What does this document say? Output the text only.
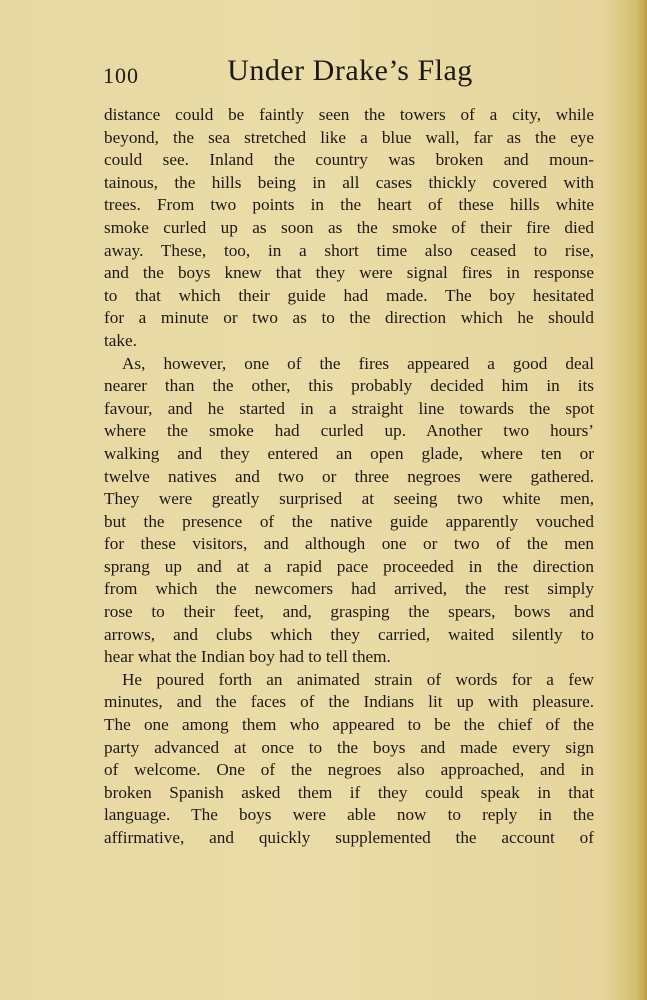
100	Under Drake’s Flag
distance could be faintly seen the towers of a city, while
beyond, the sea stretched like a blue wall, far as the eye
could see. Inland the country was broken and moun-
tainous, the hills being in all cases thickly covered with
trees. From two points in the heart of these hills white
smoke curled up as soon as the smoke of their fire died
away. These, too, in a short time also ceased to rise,
and the boys knew that they were signal fires in response
to that which their guide had made. The boy hesitated
for a minute or two as to the direction which he should
take.
As, however, one of the fires appeared a good deal
nearer than the other, this probably decided him in its
favour, and he started in a straight line towards the spot
where the smoke had curled up. Another two hours’
walking and they entered an open glade, where ten or
twelve natives and two or three negroes were gathered.
They were greatly surprised at seeing two white men,
but the presence of the native guide apparently vouched
for these visitors, and although one or two of the men
sprang up and at a rapid pace proceeded in the direction
from which the newcomers had arrived, the rest simply
rose to their feet, and, grasping the spears, bows and
arrows, and clubs which they carried, waited silently to
hear what the Indian boy had to tell them.
He poured forth an animated strain of words for a few
minutes, and the faces of the Indians lit up with pleasure.
The one among them who appeared to be the chief of the
party advanced at once to the boys and made every sign
of welcome. One of the negroes also approached, and in
broken Spanish asked them if they could speak in that
language. The boys were able now to reply in the
affirmative, and quickly supplemented the account of
